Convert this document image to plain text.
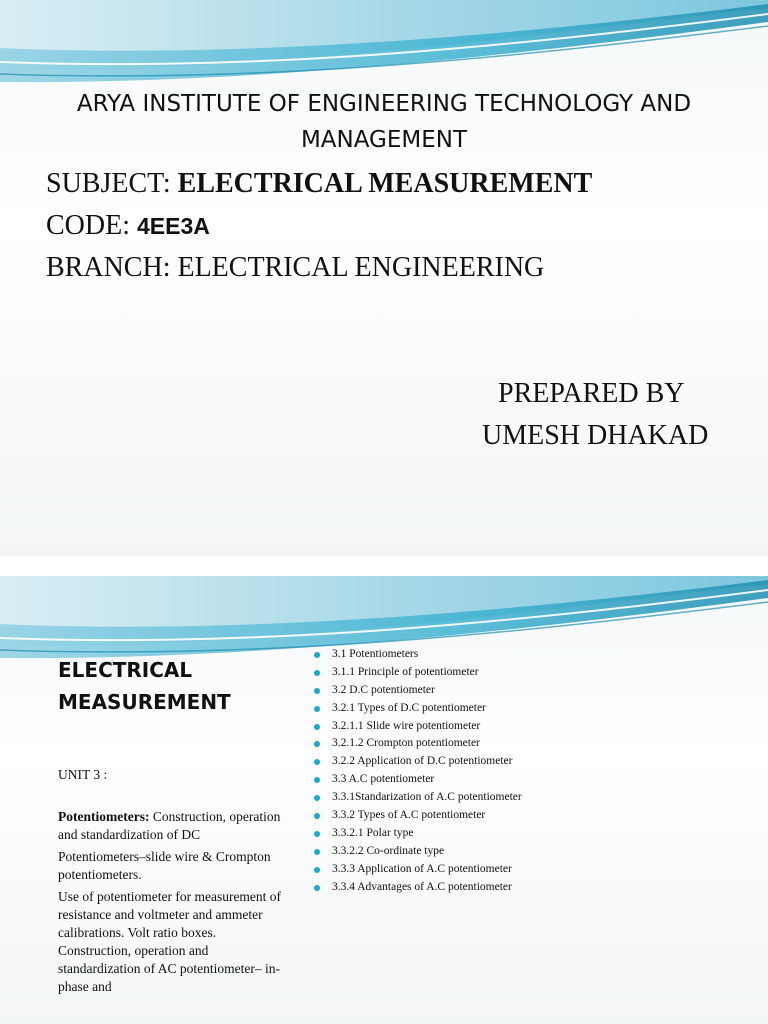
ARYA INSTITUTE OF ENGINEERING TECHNOLOGY AND MANAGEMENT
SUBJECT: ELECTRICAL MEASUREMENT
CODE: 4EE3A
BRANCH: ELECTRICAL ENGINEERING
PREPARED BY
UMESH DHAKAD
ELECTRICAL MEASUREMENT

UNIT 3 :

Potentiometers: Construction, operation and standardization of DC

Potentiometers–slide wire & Crompton potentiometers.

Use of potentiometer for measurement of resistance and voltmeter and ammeter calibrations. Volt ratio boxes. Construction, operation and standardization of AC potentiometer– in-phase and

3.1 Potentiometers
3.1.1 Principle of potentiometer
3.2 D.C potentiometer
3.2.1 Types of D.C potentiometer
3.2.1.1 Slide wire potentiometer
3.2.1.2 Crompton potentiometer
3.2.2 Application of D.C potentiometer
3.3 A.C potentiometer
3.3.1Standarization of A.C potentiometer
3.3.2 Types of A.C potentiometer
3.3.2.1 Polar type
3.3.2.2 Co-ordinate type
3.3.3 Application of A.C potentiometer
3.3.4 Advantages of A.C potentiometer
